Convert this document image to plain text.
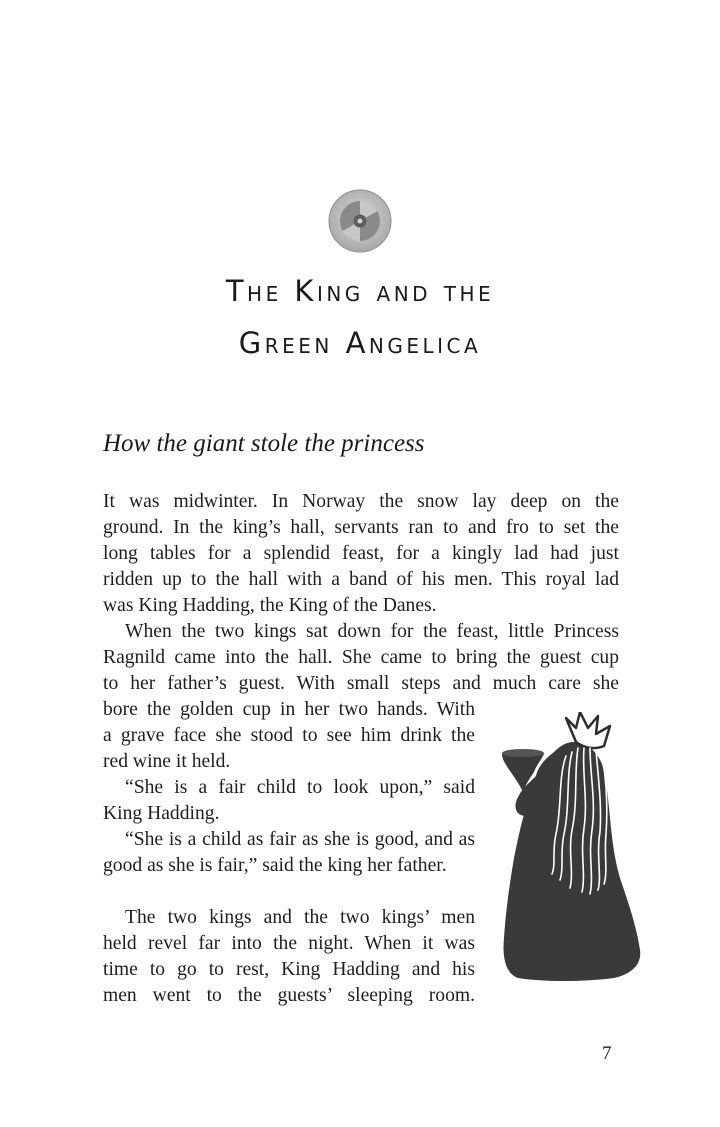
The King and the
Green Angelica
How the giant stole the princess
It was midwinter. In Norway the snow lay deep on the
ground. In the king’s hall, servants ran to and fro to set the
long tables for a splendid feast, for a kingly lad had just
ridden up to the hall with a band of his men. This royal lad
was King Hadding, the King of the Danes.
When the two kings sat down for the feast, little Princess
Ragnild came into the hall. She came to bring the guest cup
to her father’s guest. With small steps and much care she
bore the golden cup in her two hands. With
a grave face she stood to see him drink the
red wine it held.
“She is a fair child to look upon,” said
King Hadding.
“She is a child as fair as she is good, and as
good as she is fair,” said the king her father.
The two kings and the two kings’ men
held revel far into the night. When it was
time to go to rest, King Hadding and his
men went to the guests’ sleeping room.
7
